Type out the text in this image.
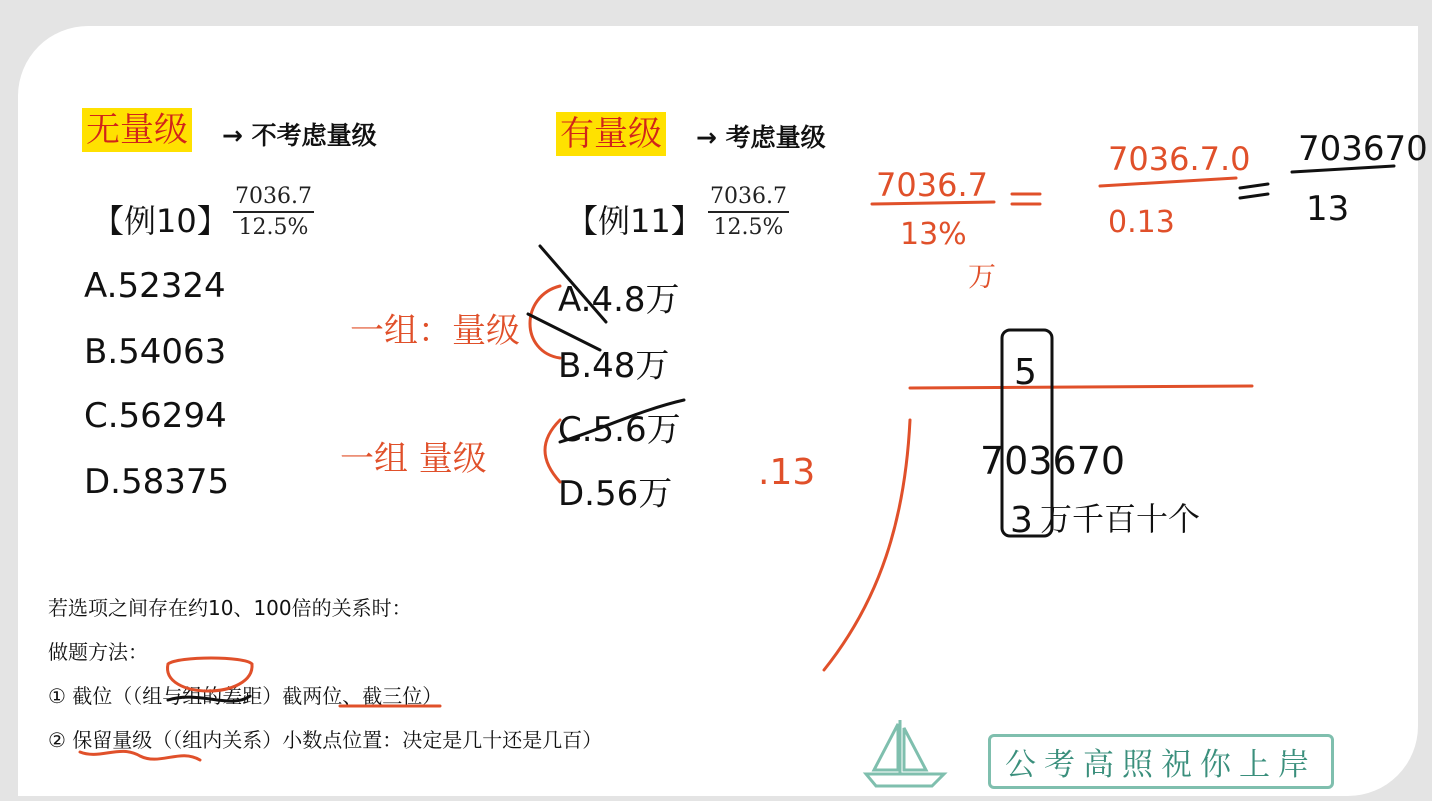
无量级 → 不考虑量级
【例10】 $\frac{7036.7}{12.5\%}$
A.52324
B.54063
C.56294
D.58375
有量级 → 考虑量级
【例11】 $\frac{7036.7}{12.5\%}$
A.4.8万
B.48万
C.5.6万
D.56万
若选项之间存在约10、100倍的关系时：
做题方法：
① 截位（（组与组的差距）截两位、截三位）
② 保留量级（（组内关系）小数点位置：决定是几十还是几百）
公考高照祝你上岸
一组：量级
一组 量级	.13
7036.7
13%
万
7036.7.0
0.13
703670
13
5
703670
3 万千百十个
